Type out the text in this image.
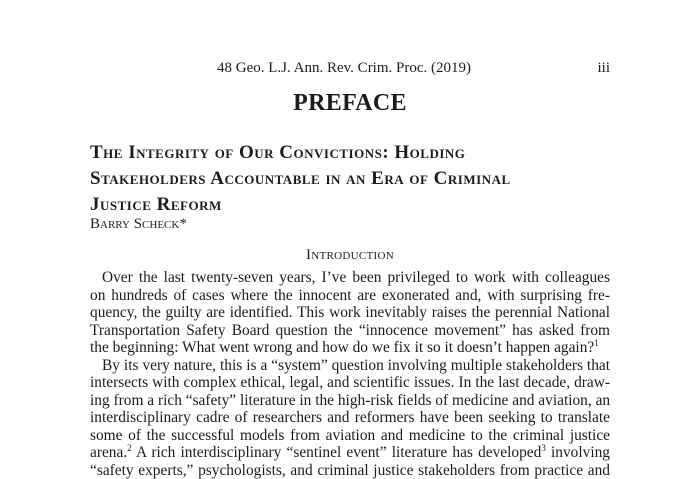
48 Geo. L.J. Ann. Rev. Crim. Proc. (2019)	iii
PREFACE
The Integrity of Our Convictions: Holding
Stakeholders Accountable in an Era of Criminal
Justice Reform
Barry Scheck*
Introduction
Over the last twenty-seven years, I’ve been privileged to work with colleagues
on hundreds of cases where the innocent are exonerated and, with surprising fre-
quency, the guilty are identified. This work inevitably raises the perennial National
Transportation Safety Board question the “innocence movement” has asked from
the beginning: What went wrong and how do we fix it so it doesn’t happen again?$^1$
By its very nature, this is a “system” question involving multiple stakeholders that
intersects with complex ethical, legal, and scientific issues. In the last decade, draw-
ing from a rich “safety” literature in the high-risk fields of medicine and aviation, an
interdisciplinary cadre of researchers and reformers have been seeking to translate
some of the successful models from aviation and medicine to the criminal justice
arena.$^2$ A rich interdisciplinary “sentinel event” literature has developed$^3$ involving
“safety experts,” psychologists, and criminal justice stakeholders from practice and
